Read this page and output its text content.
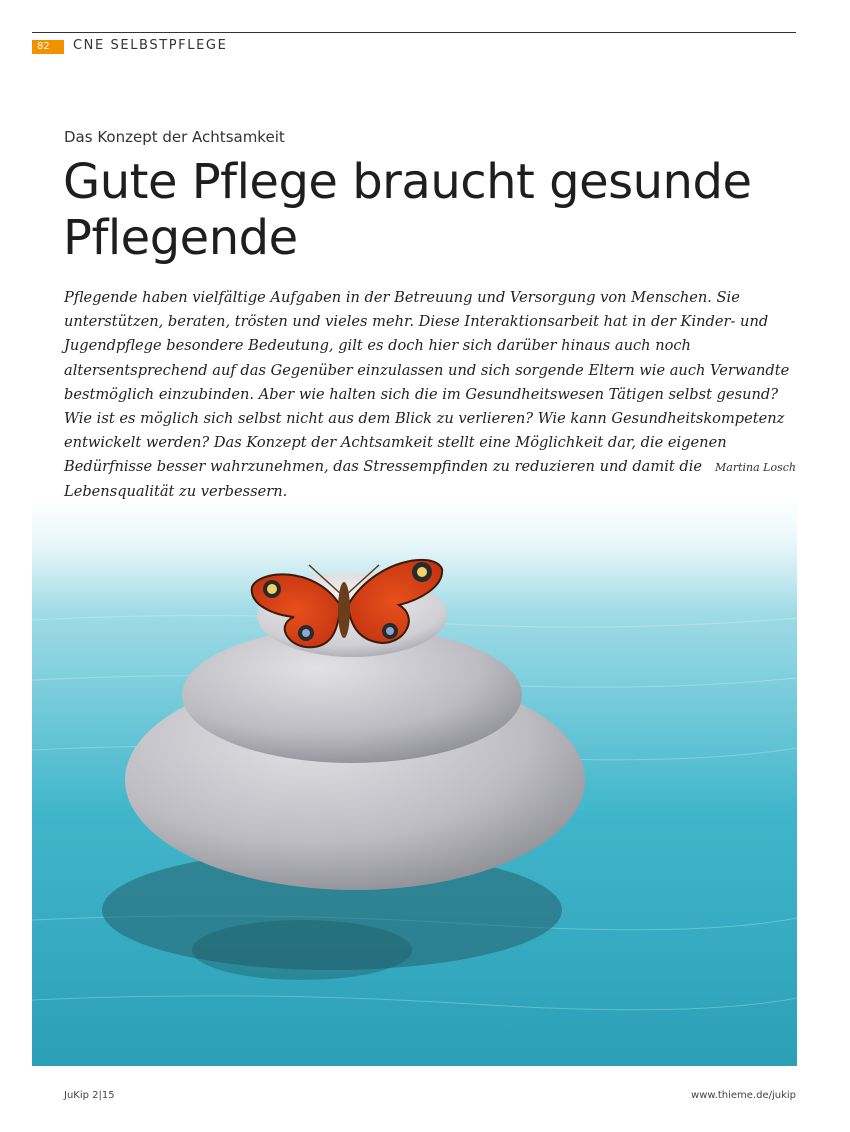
82	CNE SELBSTPFLEGE
Das Konzept der Achtsamkeit
Gute Pflege braucht gesunde Pflegende

Pflegende haben vielfältige Aufgaben in der Betreuung und Versorgung von Menschen. Sie unterstützen, beraten, trösten und vieles mehr. Diese Interaktionsarbeit hat in der Kinder- und Jugendpflege besondere Bedeutung, gilt es doch hier sich darüber hinaus auch noch altersentsprechend auf das Gegenüber einzulassen und sich sorgende Eltern wie auch Verwandte bestmöglich einzubinden. Aber wie halten sich die im Gesundheitswesen Tätigen selbst gesund? Wie ist es möglich sich selbst nicht aus dem Blick zu verlieren? Wie kann Gesundheitskompetenz entwickelt werden? Das Konzept der Achtsamkeit stellt eine Möglichkeit dar, die eigenen Bedürfnisse besser wahrzunehmen, das Stressempfinden zu reduzieren und damit die Lebensqualität zu verbessern.

Martina Losch
JuKip 2|15	www.thieme.de/jukip
